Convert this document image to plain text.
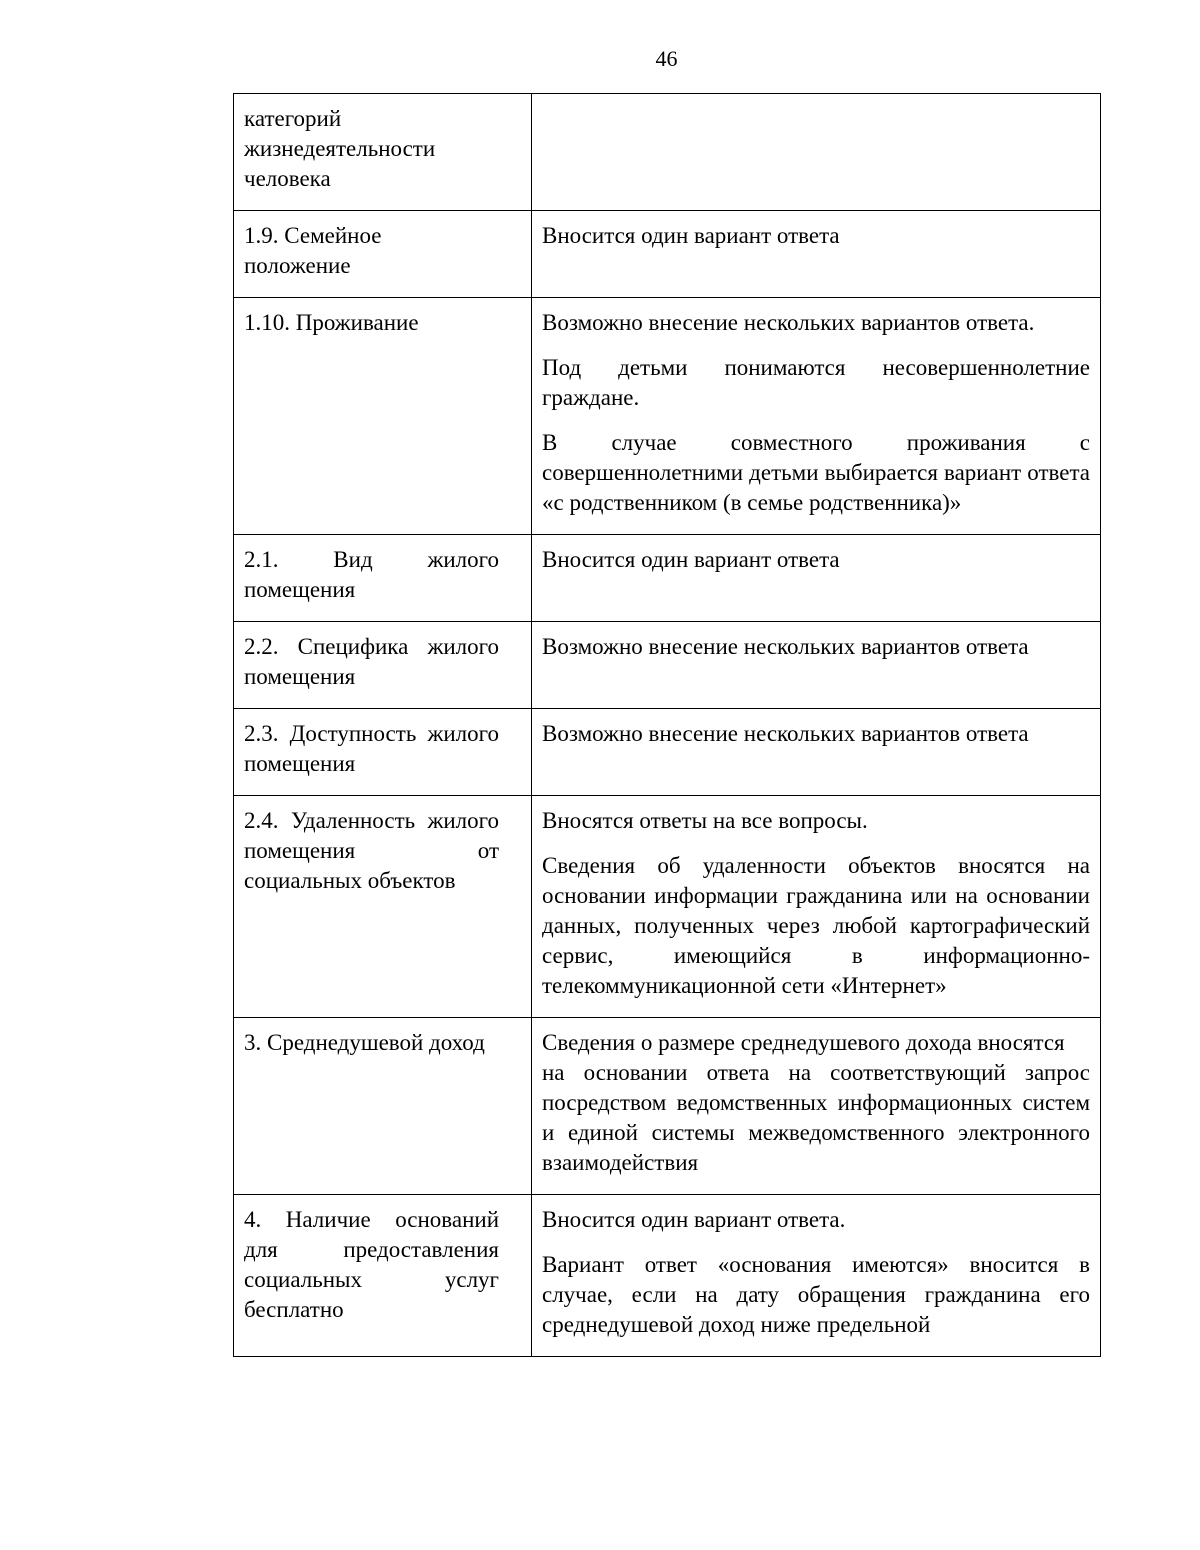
46

категорий жизнедеятельности человека	

1.9. Семейное
положение	Вносится один вариант ответа

1.10. Проживание	Возможно внесение нескольких вариантов ответа.

Под детьми понимаются несовершеннолетние граждане.

В случае совместного проживания с совершеннолетними детьми выбирается вариант ответа «с родственником (в семье родственника)»

2.1. Вид жилого помещения	Вносится один вариант ответа

2.2. Специфика жилого помещения	Возможно внесение нескольких вариантов ответа

2.3. Доступность жилого помещения	Возможно внесение нескольких вариантов ответа

2.4. Удаленность жилого помещения от социальных объектов	Вносятся ответы на все вопросы.

Сведения об удаленности объектов вносятся на основании информации гражданина или на основании данных, полученных через любой картографический сервис, имеющийся в информационно-телекоммуникационной сети «Интернет»

3. Среднедушевой доход	Сведения о размере среднедушевого дохода вносятся
на основании ответа на соответствующий запрос посредством ведомственных информационных систем и единой системы межведомственного электронного взаимодействия

4. Наличие оснований для предоставления социальных услуг бесплатно	Вносится один вариант ответа.

Вариант ответ «основания имеются» вносится в случае, если на дату обращения гражданина его среднедушевой доход ниже предельной
